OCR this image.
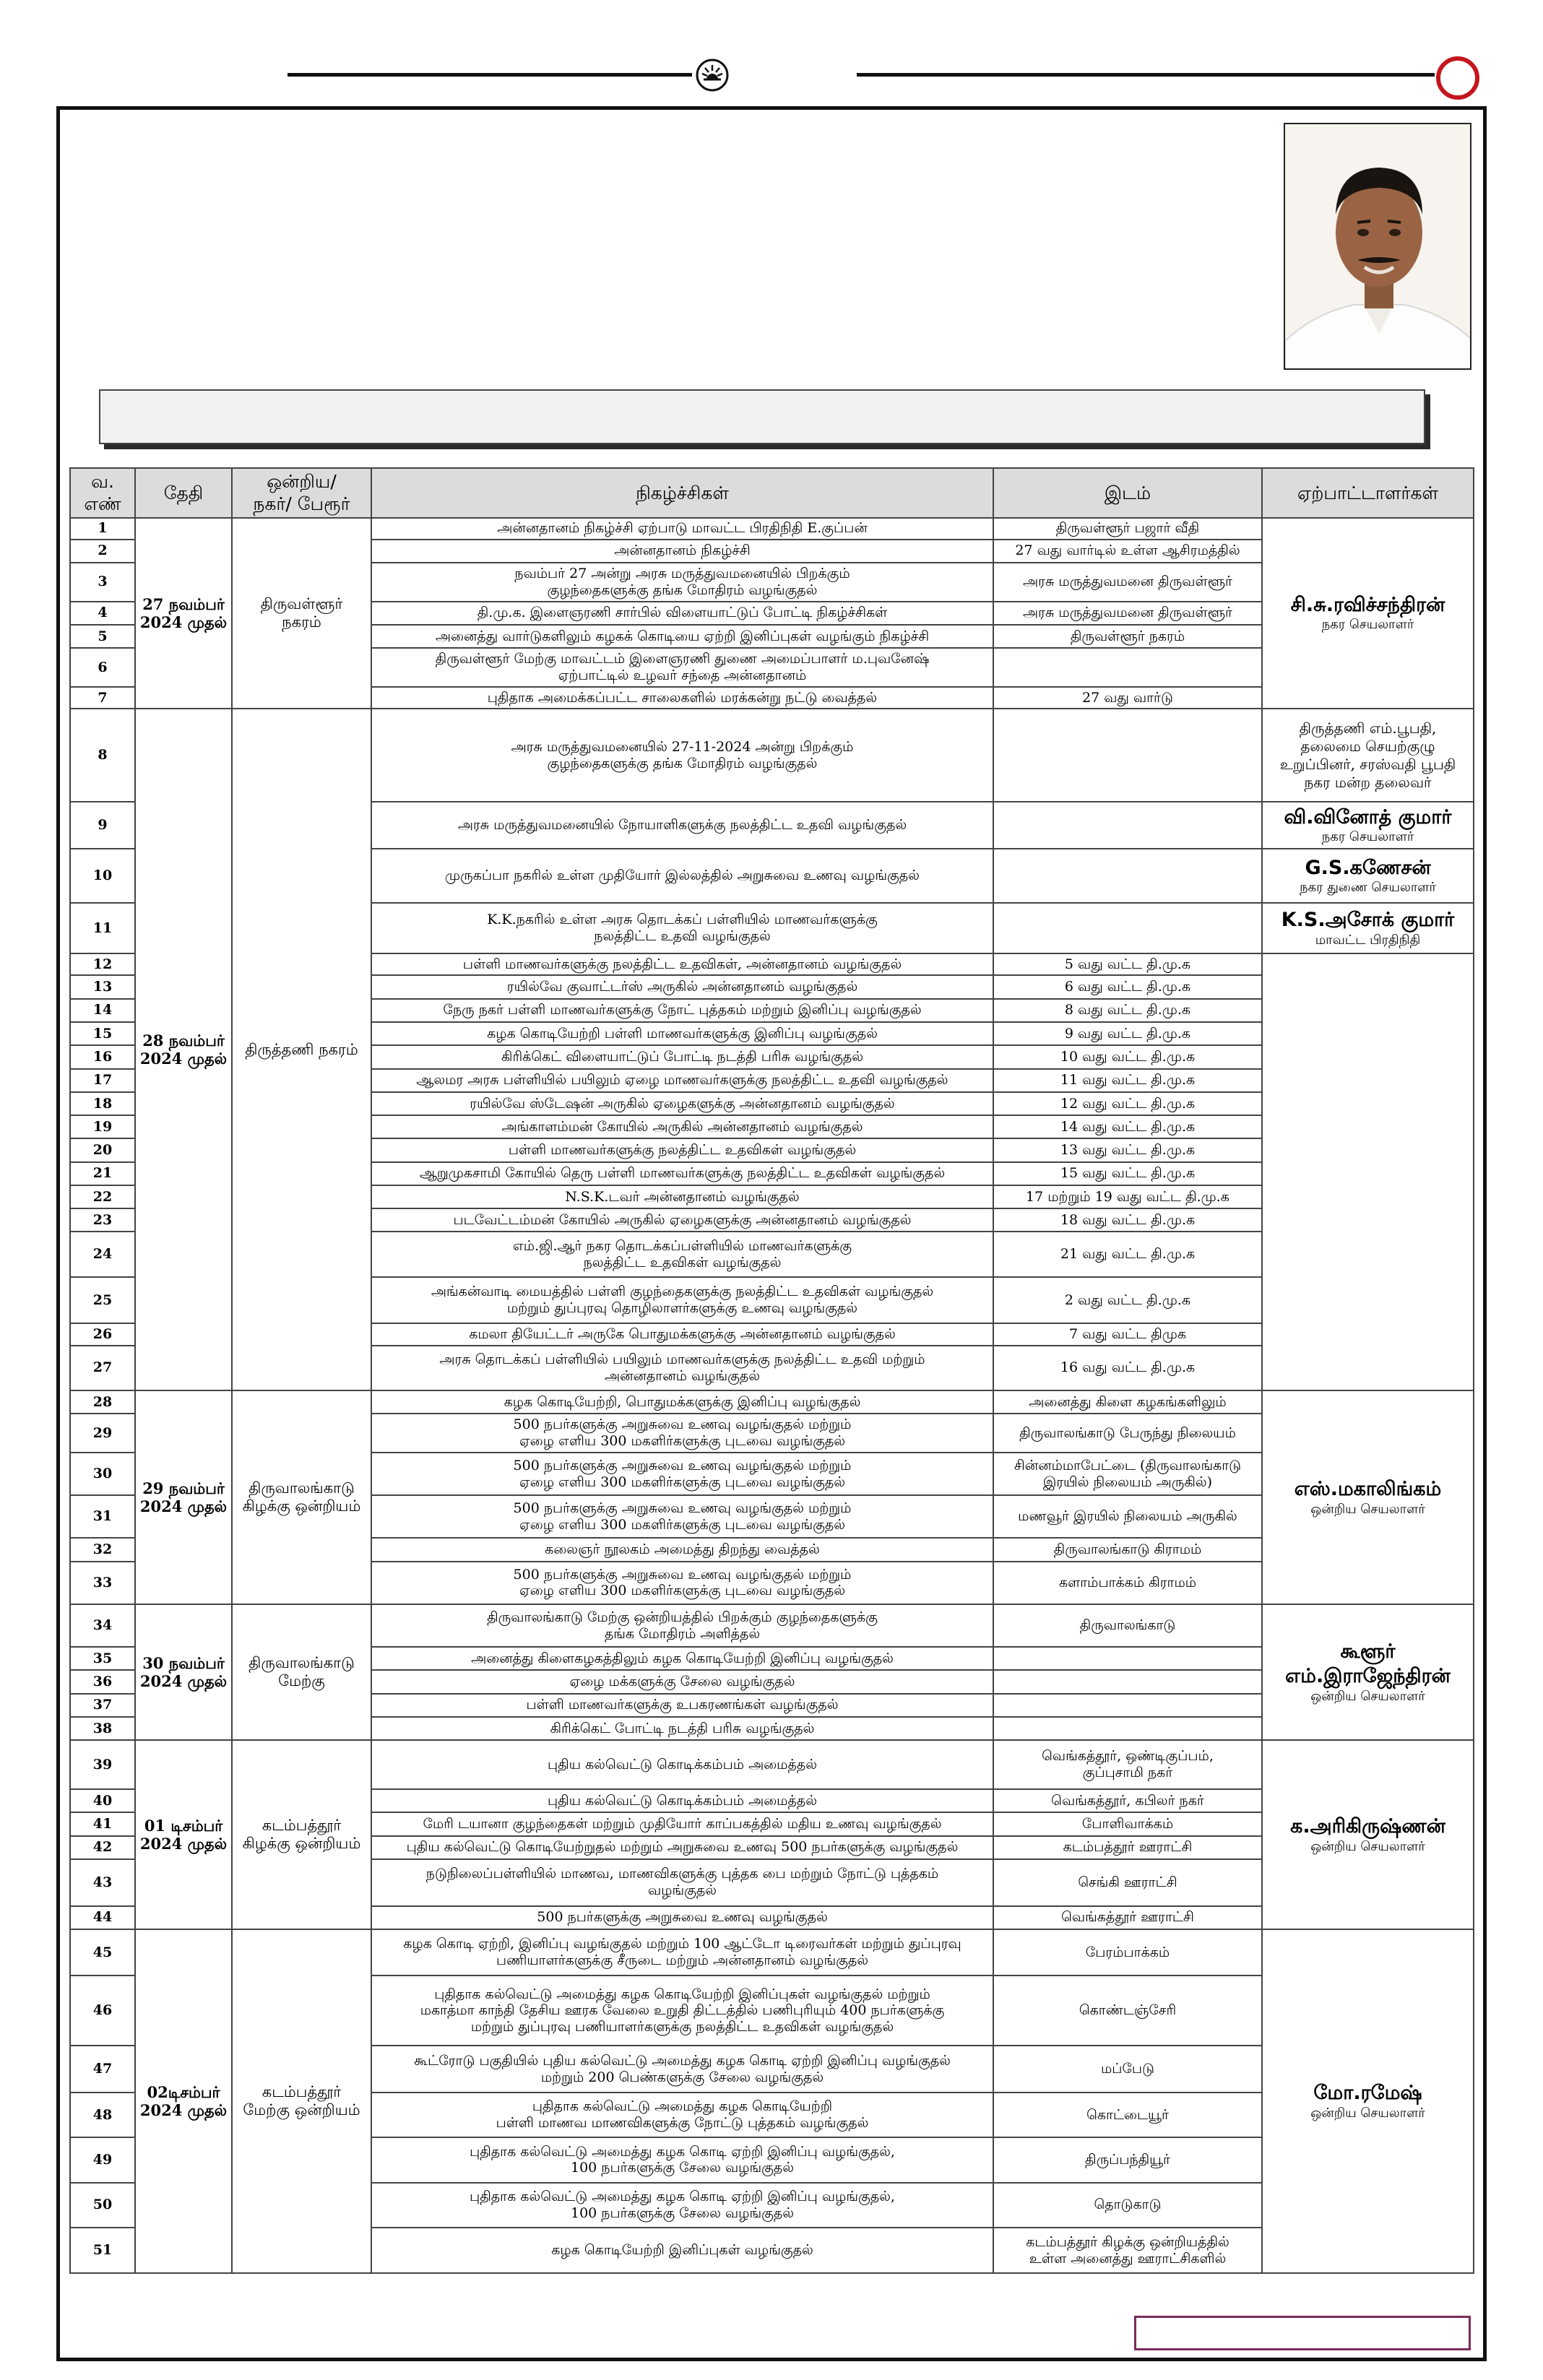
வ.
எண்	தேதி	ஒன்றிய/
நகர்/ பேரூர்	நிகழ்ச்சிகள்	இடம்	ஏற்பாட்டாளர்கள்
1	27 நவம்பர்
2024 முதல்	திருவள்ளூர்
நகரம்	அன்னதானம் நிகழ்ச்சி ஏற்பாடு மாவட்ட பிரதிநிதி E.குப்பன்	திருவள்ளூர் பஜார் வீதி	சி.சு.ரவிச்சந்திரன்
நகர செயலாளர்

2			அன்னதானம் நிகழ்ச்சி	27 வது வார்டில் உள்ள ஆசிரமத்தில்	
3			நவம்பர் 27 அன்று அரசு மருத்துவமனையில் பிறக்கும்
குழந்தைகளுக்கு தங்க மோதிரம் வழங்குதல்	அரசு மருத்துவமனை திருவள்ளூர்	
4			தி.மு.க. இளைஞரணி சார்பில் விளையாட்டுப் போட்டி நிகழ்ச்சிகள்	அரசு மருத்துவமனை திருவள்ளூர்	
5			அனைத்து வார்டுகளிலும் கழகக் கொடியை ஏற்றி இனிப்புகள் வழங்கும் நிகழ்ச்சி	திருவள்ளூர் நகரம்	
6			திருவள்ளூர் மேற்கு மாவட்டம் இளைஞரணி துணை அமைப்பாளர் ம.புவனேஷ்
ஏற்பாட்டில் உழவர் சந்தை அன்னதானம்		
7			புதிதாக அமைக்கப்பட்ட சாலைகளில் மரக்கன்று நட்டு வைத்தல்	27 வது வார்டு	
8	28 நவம்பர்
2024 முதல்	திருத்தணி நகரம்	அரசு மருத்துவமனையில் 27-11-2024 அன்று பிறக்கும்
குழந்தைகளுக்கு தங்க மோதிரம் வழங்குதல்		திருத்தணி எம்.பூபதி,
தலைமை செயற்குழு
உறுப்பினர், சரஸ்வதி பூபதி
நகர மன்ற தலைவர்

9			அரசு மருத்துவமனையில் நோயாளிகளுக்கு நலத்திட்ட உதவி வழங்குதல்		வி.வினோத் குமார்
நகர செயலாளர்

10			முருகப்பா நகரில் உள்ள முதியோர் இல்லத்தில் அறுசுவை உணவு வழங்குதல்		G.S.கணேசன்
நகர துணை செயலாளர்

11			K.K.நகரில் உள்ள அரசு தொடக்கப் பள்ளியில் மாணவர்களுக்கு
நலத்திட்ட உதவி வழங்குதல்		K.S.அசோக் குமார்
மாவட்ட பிரதிநிதி

12			பள்ளி மாணவர்களுக்கு நலத்திட்ட உதவிகள், அன்னதானம் வழங்குதல்	5 வது வட்ட தி.மு.க	
13			ரயில்வே குவாட்டர்ஸ் அருகில் அன்னதானம் வழங்குதல்	6 வது வட்ட தி.மு.க	
14			நேரு நகர் பள்ளி மாணவர்களுக்கு நோட் புத்தகம் மற்றும் இனிப்பு வழங்குதல்	8 வது வட்ட தி.மு.க	
15			கழக கொடியேற்றி பள்ளி மாணவர்களுக்கு இனிப்பு வழங்குதல்	9 வது வட்ட தி.மு.க	
16			கிரிக்கெட் விளையாட்டுப் போட்டி நடத்தி பரிசு வழங்குதல்	10 வது வட்ட தி.மு.க	
17			ஆலமர அரசு பள்ளியில் பயிலும் ஏழை மாணவர்களுக்கு நலத்திட்ட உதவி வழங்குதல்	11 வது வட்ட தி.மு.க	
18			ரயில்வே ஸ்டேஷன் அருகில் ஏழைகளுக்கு அன்னதானம் வழங்குதல்	12 வது வட்ட தி.மு.க	
19			அங்காளம்மன் கோயில் அருகில் அன்னதானம் வழங்குதல்	14 வது வட்ட தி.மு.க	
20			பள்ளி மாணவர்களுக்கு நலத்திட்ட உதவிகள் வழங்குதல்	13 வது வட்ட தி.மு.க	
21			ஆறுமுகசாமி கோயில் தெரு பள்ளி மாணவர்களுக்கு நலத்திட்ட உதவிகள் வழங்குதல்	15 வது வட்ட தி.மு.க	
22			N.S.K.டவர் அன்னதானம் வழங்குதல்	17 மற்றும் 19 வது வட்ட தி.மு.க	
23			படவேட்டம்மன் கோயில் அருகில் ஏழைகளுக்கு அன்னதானம் வழங்குதல்	18 வது வட்ட தி.மு.க	
24			எம்.ஜி.ஆர் நகர தொடக்கப்பள்ளியில் மாணவர்களுக்கு
நலத்திட்ட உதவிகள் வழங்குதல்	21 வது வட்ட தி.மு.க	
25			அங்கன்வாடி மையத்தில் பள்ளி குழந்தைகளுக்கு நலத்திட்ட உதவிகள் வழங்குதல்
மற்றும் துப்புரவு தொழிலாளர்களுக்கு உணவு வழங்குதல்	2 வது வட்ட தி.மு.க	
26			கமலா தியேட்டர் அருகே பொதுமக்களுக்கு அன்னதானம் வழங்குதல்	7 வது வட்ட திமுக	
27			அரசு தொடக்கப் பள்ளியில் பயிலும் மாணவர்களுக்கு நலத்திட்ட உதவி மற்றும்
அன்னதானம் வழங்குதல்	16 வது வட்ட தி.மு.க	
28	29 நவம்பர்
2024 முதல்	திருவாலங்காடு
கிழக்கு ஒன்றியம்	கழக கொடியேற்றி, பொதுமக்களுக்கு இனிப்பு வழங்குதல்	அனைத்து கிளை கழகங்களிலும்	எஸ்.மகாலிங்கம்
ஒன்றிய செயலாளர்

29			500 நபர்களுக்கு அறுசுவை உணவு வழங்குதல் மற்றும்
ஏழை எளிய 300 மகளிர்களுக்கு புடவை வழங்குதல்	திருவாலங்காடு பேருந்து நிலையம்	
30			500 நபர்களுக்கு அறுசுவை உணவு வழங்குதல் மற்றும்
ஏழை எளிய 300 மகளிர்களுக்கு புடவை வழங்குதல்	சின்னம்மாபேட்டை (திருவாலங்காடு
இரயில் நிலையம் அருகில்)	
31			500 நபர்களுக்கு அறுசுவை உணவு வழங்குதல் மற்றும்
ஏழை எளிய 300 மகளிர்களுக்கு புடவை வழங்குதல்	மணவூர் இரயில் நிலையம் அருகில்	
32			கலைஞர் நூலகம் அமைத்து திறந்து வைத்தல்	திருவாலங்காடு கிராமம்	
33			500 நபர்களுக்கு அறுசுவை உணவு வழங்குதல் மற்றும்
ஏழை எளிய 300 மகளிர்களுக்கு புடவை வழங்குதல்	களாம்பாக்கம் கிராமம்	
34	30 நவம்பர்
2024 முதல்	திருவாலங்காடு
மேற்கு	திருவாலங்காடு மேற்கு ஒன்றியத்தில் பிறக்கும் குழந்தைகளுக்கு
தங்க மோதிரம் அளித்தல்	திருவாலங்காடு	கூளூர்
எம்.இராஜேந்திரன்
ஒன்றிய செயலாளர்

35			அனைத்து கிளைகழகத்திலும் கழக கொடியேற்றி இனிப்பு வழங்குதல்		
36			ஏழை மக்களுக்கு சேலை வழங்குதல்		
37			பள்ளி மாணவர்களுக்கு உபகரணங்கள் வழங்குதல்		
38			கிரிக்கெட் போட்டி நடத்தி பரிசு வழங்குதல்		
39	01 டிசம்பர்
2024 முதல்	கடம்பத்தூர்
கிழக்கு ஒன்றியம்	புதிய கல்வெட்டு கொடிக்கம்பம் அமைத்தல்	வெங்கத்தூர், ஒண்டிகுப்பம்,
குப்புசாமி நகர்	க.அரிகிருஷ்ணன்
ஒன்றிய செயலாளர்

40			புதிய கல்வெட்டு கொடிக்கம்பம் அமைத்தல்	வெங்கத்தூர், கபிலர் நகர்	
41			மேரி டயானா குழந்தைகள் மற்றும் முதியோர் காப்பகத்தில் மதிய உணவு வழங்குதல்	போளிவாக்கம்	
42			புதிய கல்வெட்டு கொடியேற்றுதல் மற்றும் அறுசுவை உணவு 500 நபர்களுக்கு வழங்குதல்	கடம்பத்தூர் ஊராட்சி	
43			நடுநிலைப்பள்ளியில் மாணவ, மாணவிகளுக்கு புத்தக பை மற்றும் நோட்டு புத்தகம்
வழங்குதல்	செங்கி ஊராட்சி	
44			500 நபர்களுக்கு அறுசுவை உணவு வழங்குதல்	வெங்கத்தூர் ஊராட்சி	
45	02டிசம்பர்
2024 முதல்	கடம்பத்தூர்
மேற்கு ஒன்றியம்	கழக கொடி ஏற்றி, இனிப்பு வழங்குதல் மற்றும் 100 ஆட்டோ டிரைவர்கள் மற்றும் துப்புரவு
பணியாளர்களுக்கு சீருடை மற்றும் அன்னதானம் வழங்குதல்	பேரம்பாக்கம்	மோ.ரமேஷ்
ஒன்றிய செயலாளர்

46			புதிதாக கல்வெட்டு அமைத்து கழக கொடியேற்றி இனிப்புகள் வழங்குதல் மற்றும்
மகாத்மா காந்தி தேசிய ஊரக வேலை உறுதி திட்டத்தில் பணிபுரியும் 400 நபர்களுக்கு
மற்றும் துப்புரவு பணியாளர்களுக்கு நலத்திட்ட உதவிகள் வழங்குதல்	கொண்டஞ்சேரி	
47			கூட்ரோடு பகுதியில் புதிய கல்வெட்டு அமைத்து கழக கொடி ஏற்றி இனிப்பு வழங்குதல்
மற்றும் 200 பெண்களுக்கு சேலை வழங்குதல்	மப்பேடு	
48			புதிதாக கல்வெட்டு அமைத்து கழக கொடியேற்றி
பள்ளி மாணவ மாணவிகளுக்கு நோட்டு புத்தகம் வழங்குதல்	கொட்டையூர்	
49			புதிதாக கல்வெட்டு அமைத்து கழக கொடி ஏற்றி இனிப்பு வழங்குதல்,
100 நபர்களுக்கு சேலை வழங்குதல்	திருப்பந்தியூர்	
50			புதிதாக கல்வெட்டு அமைத்து கழக கொடி ஏற்றி இனிப்பு வழங்குதல்,
100 நபர்களுக்கு சேலை வழங்குதல்	தொடுகாடு	
51			கழக கொடியேற்றி இனிப்புகள் வழங்குதல்	கடம்பத்தூர் கிழக்கு ஒன்றியத்தில்
உள்ள அனைத்து ஊராட்சிகளில்	
